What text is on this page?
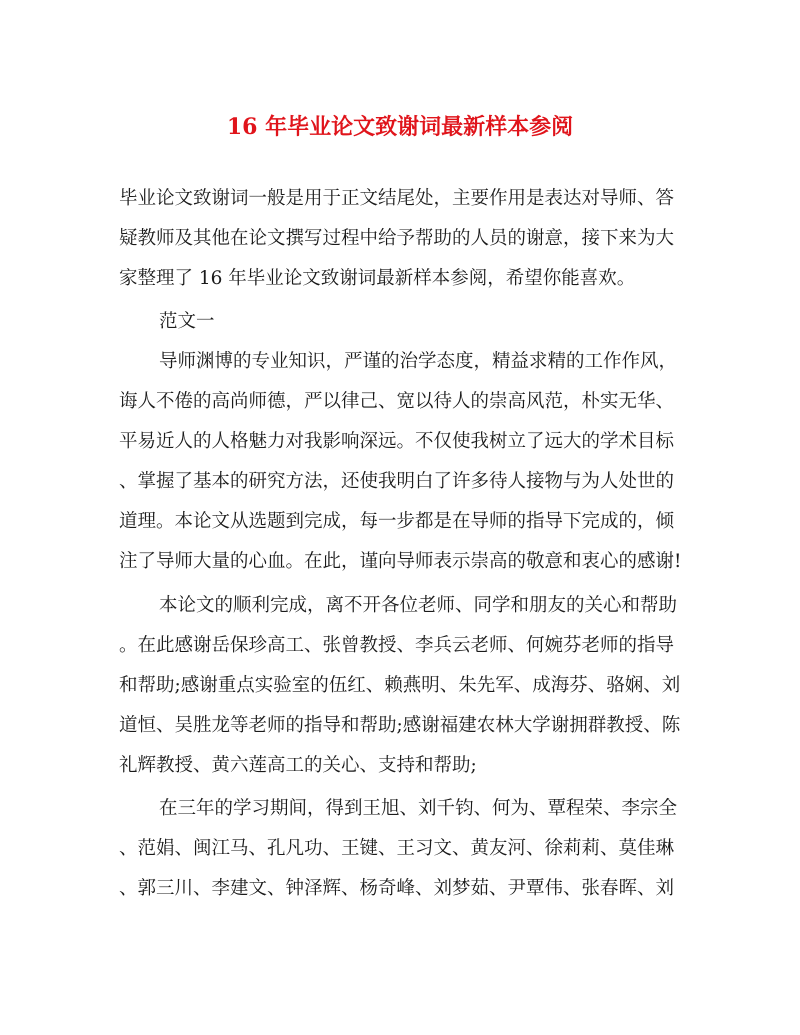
16 年毕业论文致谢词最新样本参阅
毕业论文致谢词一般是用于正文结尾处，主要作用是表达对导师、答
疑教师及其他在论文撰写过程中给予帮助的人员的谢意，接下来为大
家整理了 16 年毕业论文致谢词最新样本参阅，希望你能喜欢。
范文一
导师渊博的专业知识，严谨的治学态度，精益求精的工作作风，
诲人不倦的高尚师德，严以律己、宽以待人的崇高风范，朴实无华、
平易近人的人格魅力对我影响深远。不仅使我树立了远大的学术目标
、掌握了基本的研究方法，还使我明白了许多待人接物与为人处世的
道理。本论文从选题到完成，每一步都是在导师的指导下完成的，倾
注了导师大量的心血。在此，谨向导师表示崇高的敬意和衷心的感谢!
本论文的顺利完成，离不开各位老师、同学和朋友的关心和帮助
。在此感谢岳保珍高工、张曾教授、李兵云老师、何婉芬老师的指导
和帮助;感谢重点实验室的伍红、赖燕明、朱先军、成海芬、骆娴、刘
道恒、吴胜龙等老师的指导和帮助;感谢福建农林大学谢拥群教授、陈
礼辉教授、黄六莲高工的关心、支持和帮助;
在三年的学习期间，得到王旭、刘千钧、何为、覃程荣、李宗全
、范娟、闽江马、孔凡功、王键、王习文、黄友河、徐莉莉、莫佳琳
、郭三川、李建文、钟泽辉、杨奇峰、刘梦茹、尹覃伟、张春晖、刘
